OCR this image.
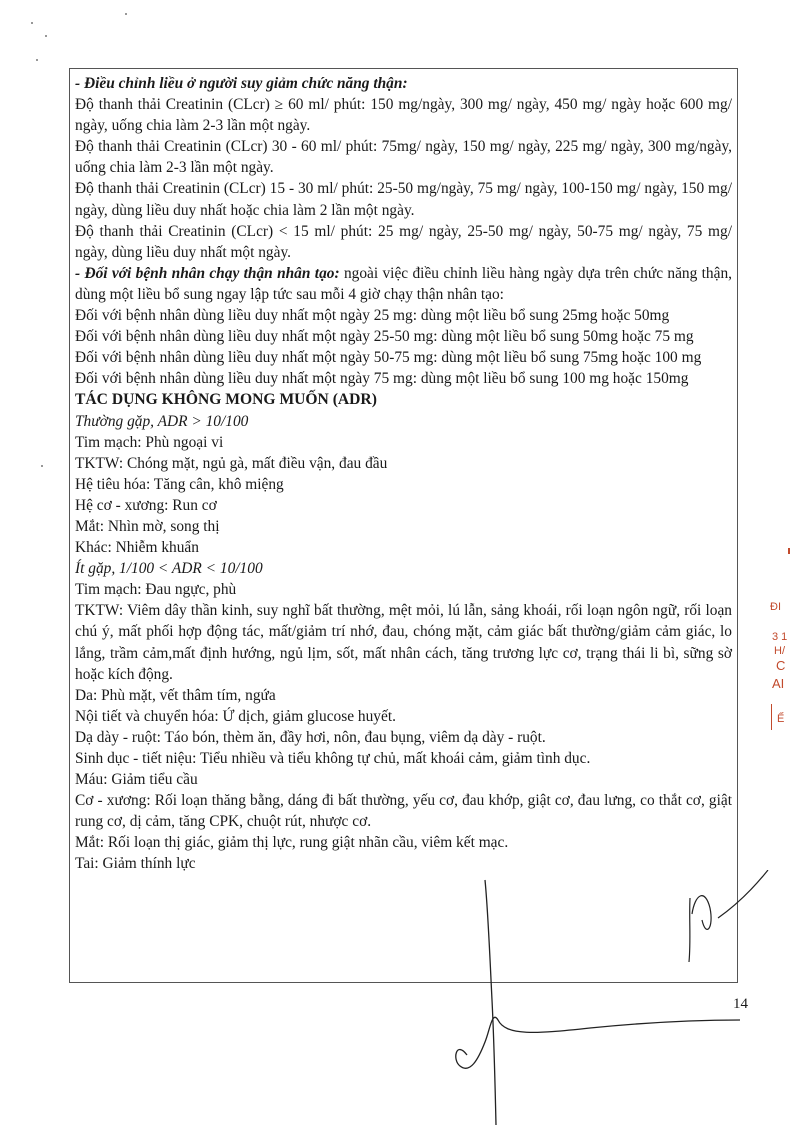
- Điều chỉnh liều ở người suy giảm chức năng thận:

Độ thanh thải Creatinin (CLcr) ≥ 60 ml/ phút: 150 mg/ngày, 300 mg/ ngày, 450 mg/ ngày hoặc 600 mg/ ngày, uống chia làm 2-3 lần một ngày.

Độ thanh thải Creatinin (CLcr) 30 - 60 ml/ phút: 75mg/ ngày, 150 mg/ ngày, 225 mg/ ngày, 300 mg/ngày, uống chia làm 2-3 lần một ngày.

Độ thanh thải Creatinin (CLcr) 15 - 30 ml/ phút: 25-50 mg/ngày, 75 mg/ ngày, 100-150 mg/ ngày, 150 mg/ ngày, dùng liều duy nhất hoặc chia làm 2 lần một ngày.

Độ thanh thải Creatinin (CLcr) < 15 ml/ phút: 25 mg/ ngày, 25-50 mg/ ngày, 50-75 mg/ ngày, 75 mg/ ngày, dùng liều duy nhất một ngày.

- Đối với bệnh nhân chạy thận nhân tạo: ngoài việc điều chỉnh liều hàng ngày dựa trên chức năng thận, dùng một liều bổ sung ngay lập tức sau mỗi 4 giờ chạy thận nhân tạo:

Đối với bệnh nhân dùng liều duy nhất một ngày 25 mg: dùng một liều bổ sung 25mg hoặc 50mg

Đối với bệnh nhân dùng liều duy nhất một ngày 25-50 mg: dùng một liều bổ sung 50mg hoặc 75 mg

Đối với bệnh nhân dùng liều duy nhất một ngày 50-75 mg: dùng một liều bổ sung 75mg hoặc 100 mg

Đối với bệnh nhân dùng liều duy nhất một ngày 75 mg: dùng một liều bổ sung 100 mg hoặc 150mg

TÁC DỤNG KHÔNG MONG MUỐN (ADR)

Thường gặp, ADR > 10/100

Tim mạch: Phù ngoại vi

TKTW: Chóng mặt, ngủ gà, mất điều vận, đau đầu

Hệ tiêu hóa: Tăng cân, khô miệng

Hệ cơ - xương: Run cơ

Mắt: Nhìn mờ, song thị

Khác: Nhiễm khuẩn

Ít gặp, 1/100 < ADR < 10/100

Tim mạch: Đau ngực, phù

TKTW: Viêm dây thần kinh, suy nghĩ bất thường, mệt mỏi, lú lẫn, sảng khoái, rối loạn ngôn ngữ, rối loạn chú ý, mất phối hợp động tác, mất/giảm trí nhớ, đau, chóng mặt, cảm giác bất thường/giảm cảm giác, lo lắng, trầm cảm,mất định hướng, ngủ lịm, sốt, mất nhân cách, tăng trương lực cơ, trạng thái li bì, sững sờ hoặc kích động.

Da: Phù mặt, vết thâm tím, ngứa

Nội tiết và chuyển hóa: Ứ dịch, giảm glucose huyết.

Dạ dày - ruột: Táo bón, thèm ăn, đầy hơi, nôn, đau bụng, viêm dạ dày - ruột.

Sinh dục - tiết niệu: Tiểu nhiều và tiểu không tự chủ, mất khoái cảm, giảm tình dục.

Máu: Giảm tiểu cầu

Cơ - xương: Rối loạn thăng bằng, dáng đi bất thường, yếu cơ, đau khớp, giật cơ, đau lưng, co thắt cơ, giật rung cơ, dị cảm, tăng CPK, chuột rút, nhược cơ.

Mắt: Rối loạn thị giác, giảm thị lực, rung giật nhãn cầu, viêm kết mạc.

Tai: Giảm thính lực

14
ĐI
3 1
H/
C
AI
Ế
